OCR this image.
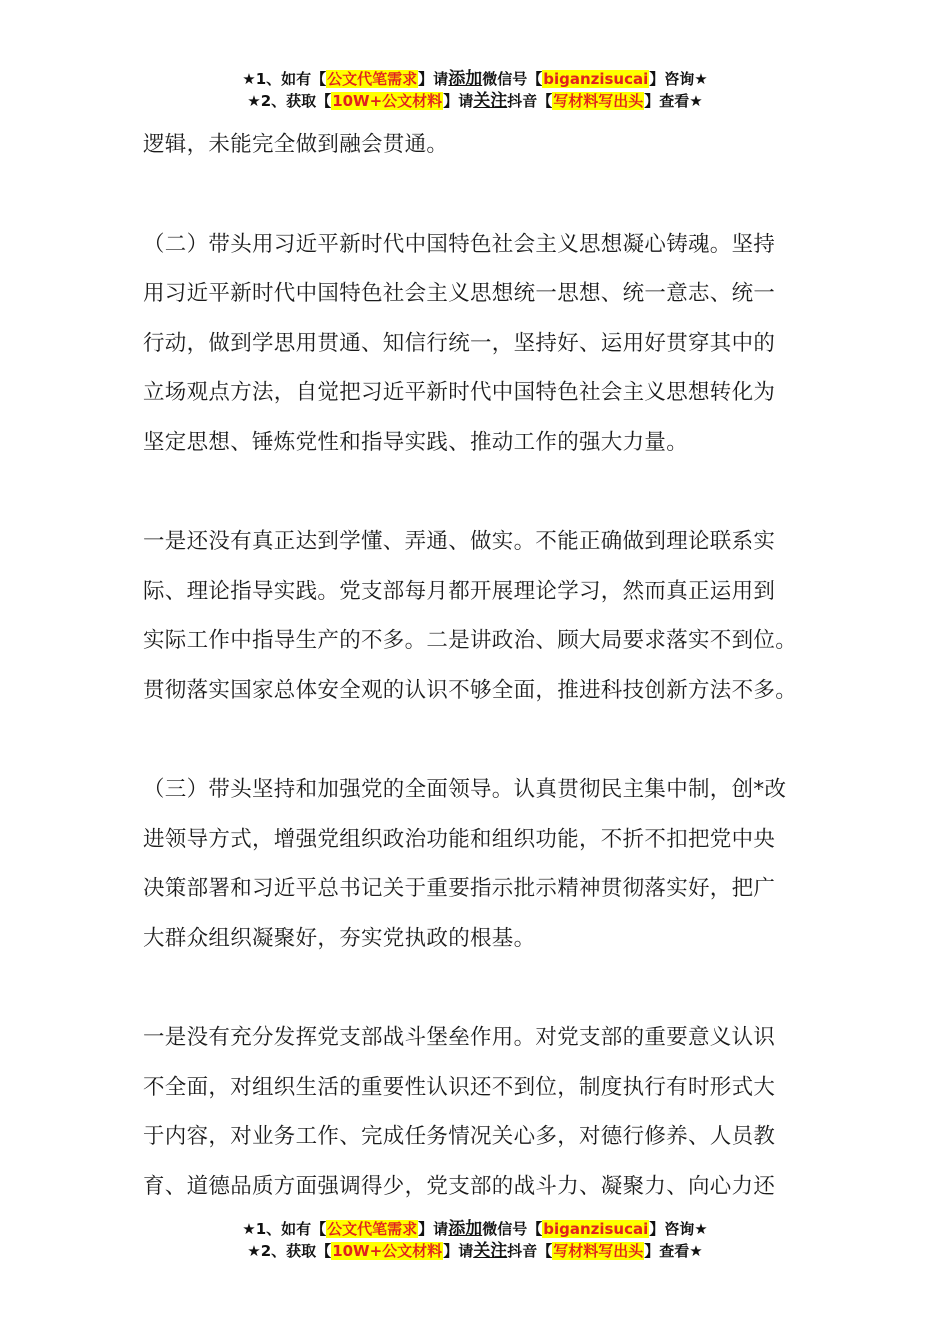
★1、如有【公文代笔需求】请添加微信号【biganzisucai】咨询★
★2、获取【10W+公文材料】请关注抖音【写材料写出头】查看★

逻辑，未能完全做到融会贯通。

（二）带头用习近平新时代中国特色社会主义思想凝心铸魂。坚持

用习近平新时代中国特色社会主义思想统一思想、统一意志、统一

行动，做到学思用贯通、知信行统一，坚持好、运用好贯穿其中的

立场观点方法，自觉把习近平新时代中国特色社会主义思想转化为

坚定思想、锤炼党性和指导实践、推动工作的强大力量。

一是还没有真正达到学懂、弄通、做实。不能正确做到理论联系实

际、理论指导实践。党支部每月都开展理论学习，然而真正运用到

实际工作中指导生产的不多。二是讲政治、顾大局要求落实不到位。

贯彻落实国家总体安全观的认识不够全面，推进科技创新方法不多。

（三）带头坚持和加强党的全面领导。认真贯彻民主集中制，创*改

进领导方式，增强党组织政治功能和组织功能，不折不扣把党中央

决策部署和习近平总书记关于重要指示批示精神贯彻落实好，把广

大群众组织凝聚好，夯实党执政的根基。

一是没有充分发挥党支部战斗堡垒作用。对党支部的重要意义认识

不全面，对组织生活的重要性认识还不到位，制度执行有时形式大

于内容，对业务工作、完成任务情况关心多，对德行修养、人员教

育、道德品质方面强调得少，党支部的战斗力、凝聚力、向心力还

★1、如有【公文代笔需求】请添加微信号【biganzisucai】咨询★
★2、获取【10W+公文材料】请关注抖音【写材料写出头】查看★
